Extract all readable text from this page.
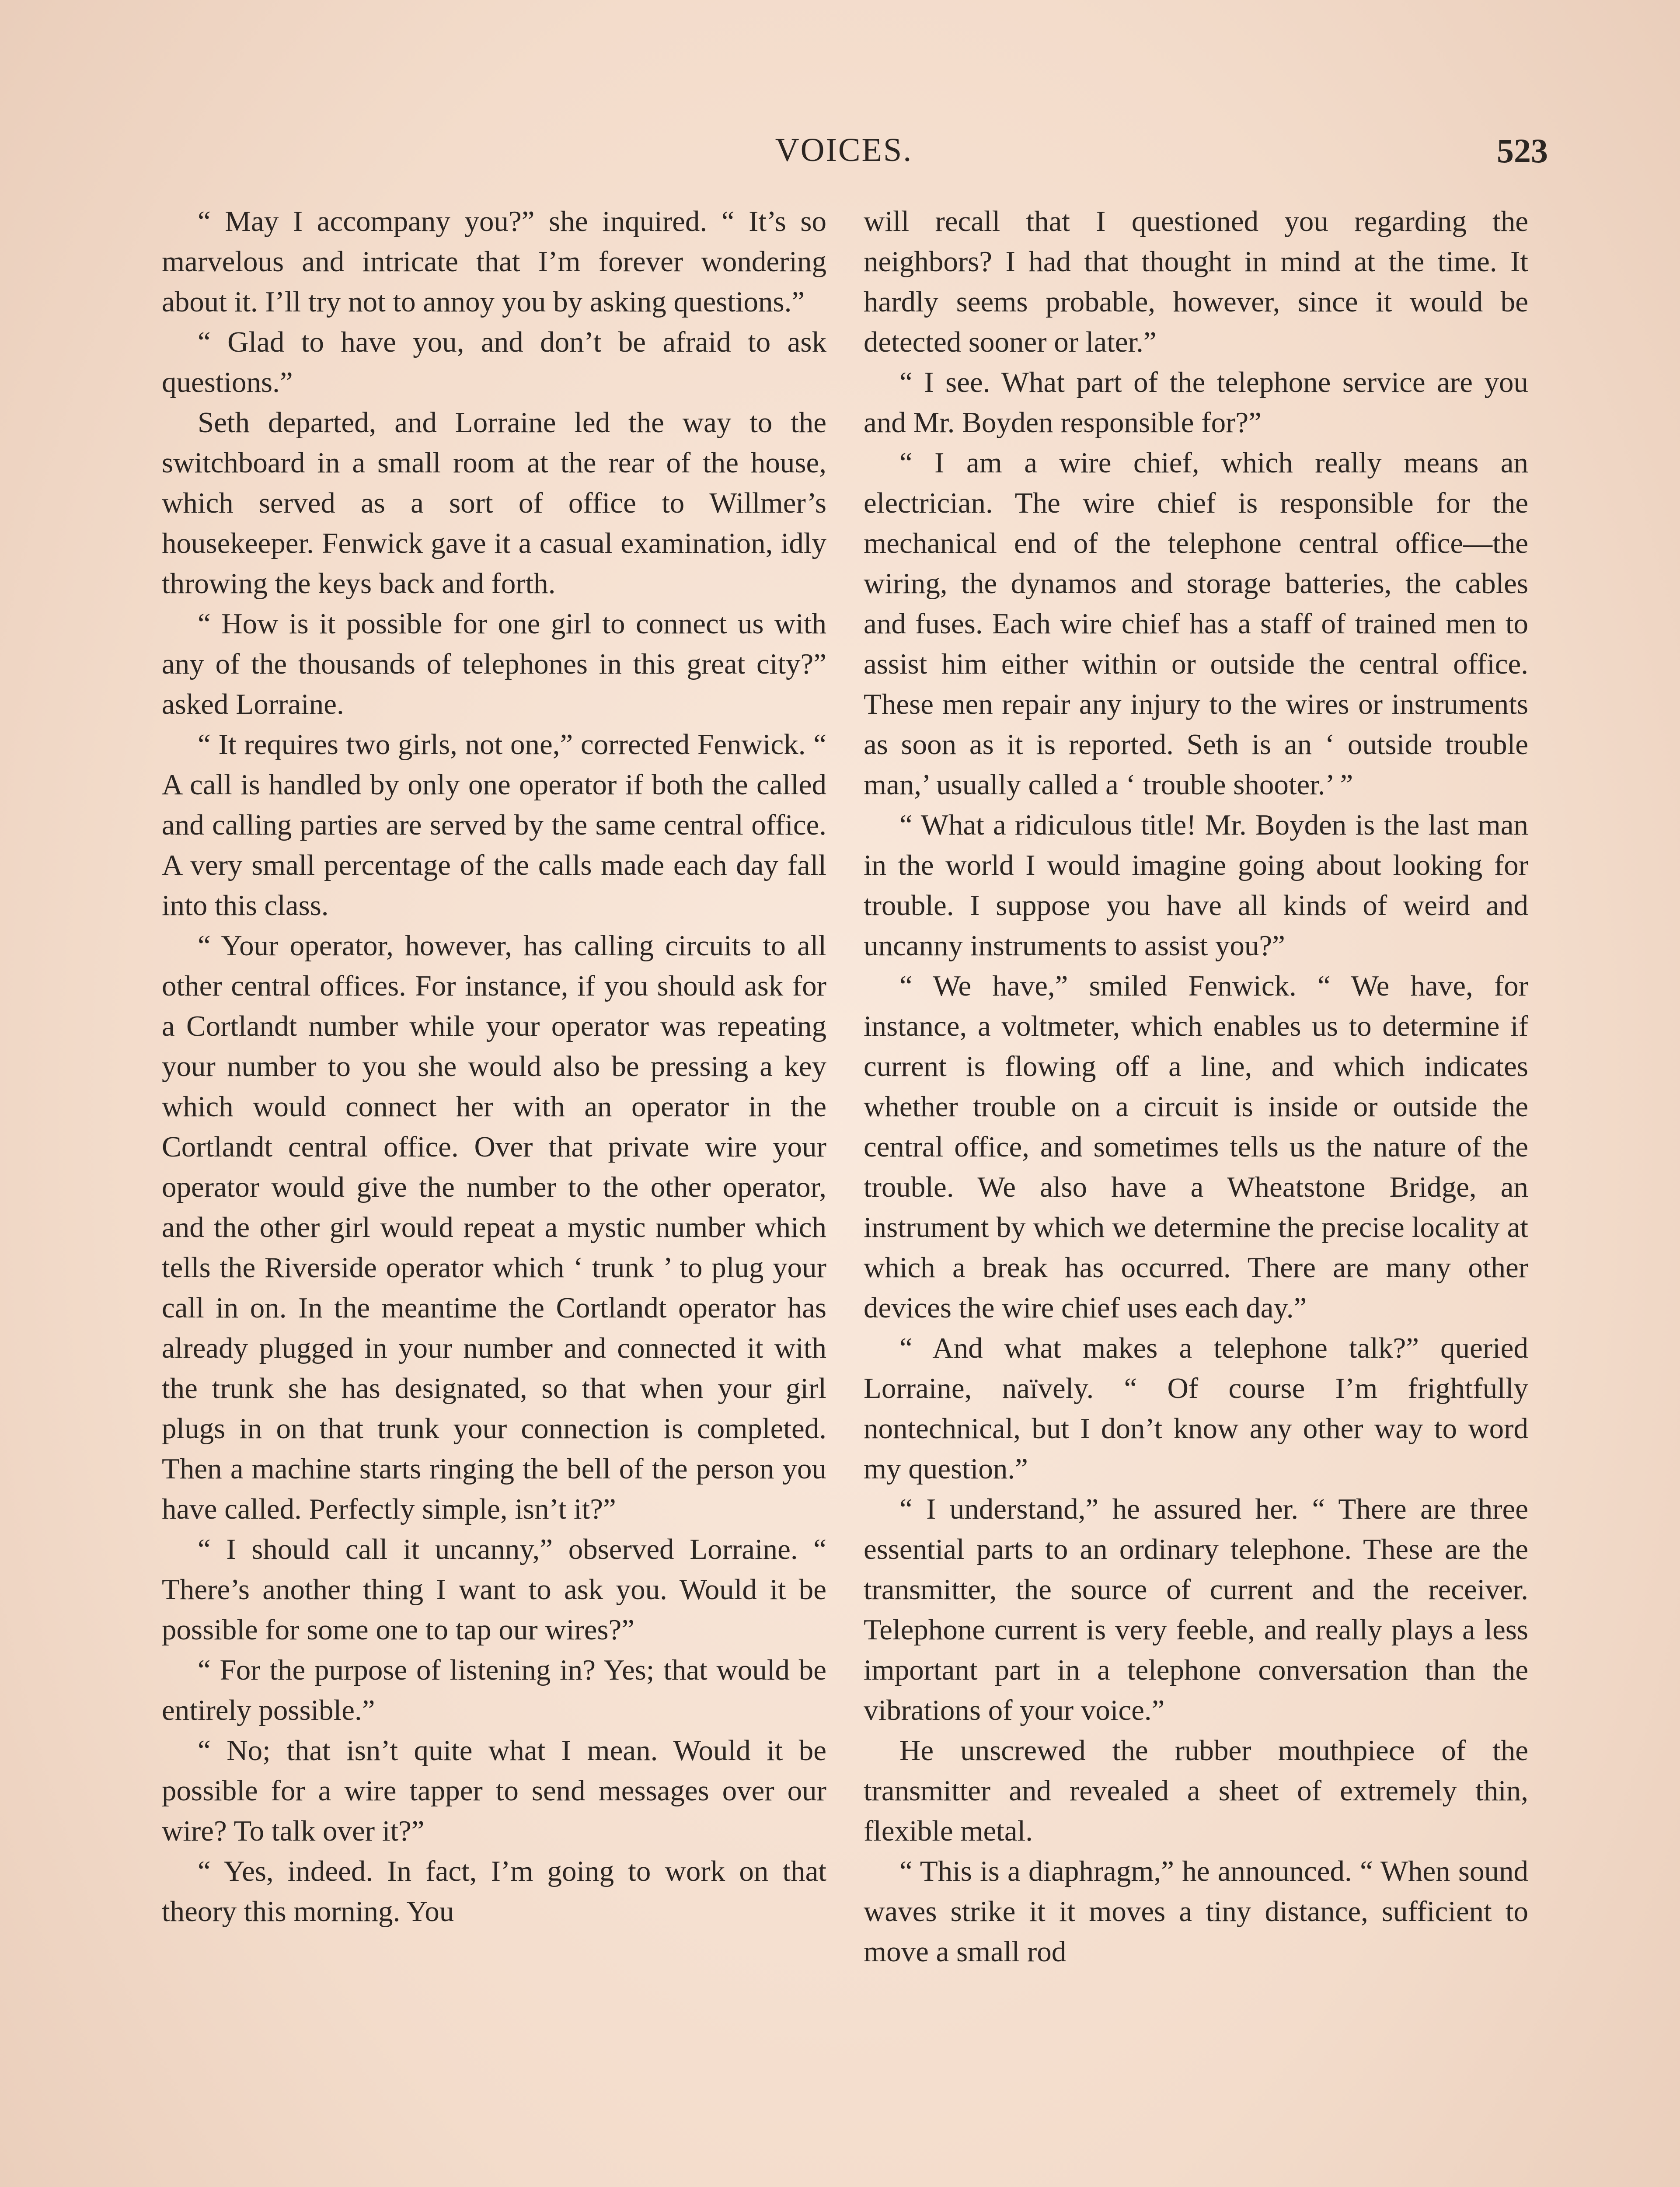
VOICES.	523

“ May I accompany you?” she inquired. “ It’s so marvelous and intricate that I’m forever wondering about it. I’ll try not to annoy you by asking questions.”

“ Glad to have you, and don’t be afraid to ask questions.”

Seth departed, and Lorraine led the way to the switchboard in a small room at the rear of the house, which served as a sort of office to Willmer’s housekeeper. Fenwick gave it a casual examination, idly throwing the keys back and forth.

“ How is it possible for one girl to connect us with any of the thousands of telephones in this great city?” asked Lorraine.

“ It requires two girls, not one,” corrected Fenwick. “ A call is handled by only one operator if both the called and calling parties are served by the same central office. A very small percentage of the calls made each day fall into this class.

“ Your operator, however, has calling circuits to all other central offices. For instance, if you should ask for a Cortlandt number while your operator was repeating your number to you she would also be pressing a key which would connect her with an operator in the Cortlandt central office. Over that private wire your operator would give the number to the other operator, and the other girl would repeat a mystic number which tells the Riverside operator which ‘ trunk ’ to plug your call in on. In the meantime the Cortlandt operator has already plugged in your number and connected it with the trunk she has designated, so that when your girl plugs in on that trunk your connection is completed. Then a machine starts ringing the bell of the person you have called. Perfectly simple, isn’t it?”

“ I should call it uncanny,” observed Lorraine. “ There’s another thing I want to ask you. Would it be possible for some one to tap our wires?”

“ For the purpose of listening in? Yes; that would be entirely possible.”

“ No; that isn’t quite what I mean. Would it be possible for a wire tapper to send messages over our wire? To talk over it?”

“ Yes, indeed. In fact, I’m going to work on that theory this morning. You

will recall that I questioned you regarding the neighbors? I had that thought in mind at the time. It hardly seems probable, however, since it would be detected sooner or later.”

“ I see. What part of the telephone service are you and Mr. Boyden responsible for?”

“ I am a wire chief, which really means an electrician. The wire chief is responsible for the mechanical end of the telephone central office—the wiring, the dynamos and storage batteries, the cables and fuses. Each wire chief has a staff of trained men to assist him either within or outside the central office. These men repair any injury to the wires or instruments as soon as it is reported. Seth is an ‘ outside trouble man,’ usually called a ‘ trouble shooter.’ ”

“ What a ridiculous title! Mr. Boyden is the last man in the world I would imagine going about looking for trouble. I suppose you have all kinds of weird and uncanny instruments to assist you?”

“ We have,” smiled Fenwick. “ We have, for instance, a voltmeter, which enables us to determine if current is flowing off a line, and which indicates whether trouble on a circuit is inside or outside the central office, and sometimes tells us the nature of the trouble. We also have a Wheatstone Bridge, an instrument by which we determine the precise locality at which a break has occurred. There are many other devices the wire chief uses each day.”

“ And what makes a telephone talk?” queried Lorraine, naïvely. “ Of course I’m frightfully nontechnical, but I don’t know any other way to word my question.”

“ I understand,” he assured her. “ There are three essential parts to an ordinary telephone. These are the transmitter, the source of current and the receiver. Telephone current is very feeble, and really plays a less important part in a telephone conversation than the vibrations of your voice.”

He unscrewed the rubber mouthpiece of the transmitter and revealed a sheet of extremely thin, flexible metal.

“ This is a diaphragm,” he announced. “ When sound waves strike it it moves a tiny distance, sufficient to move a small rod
